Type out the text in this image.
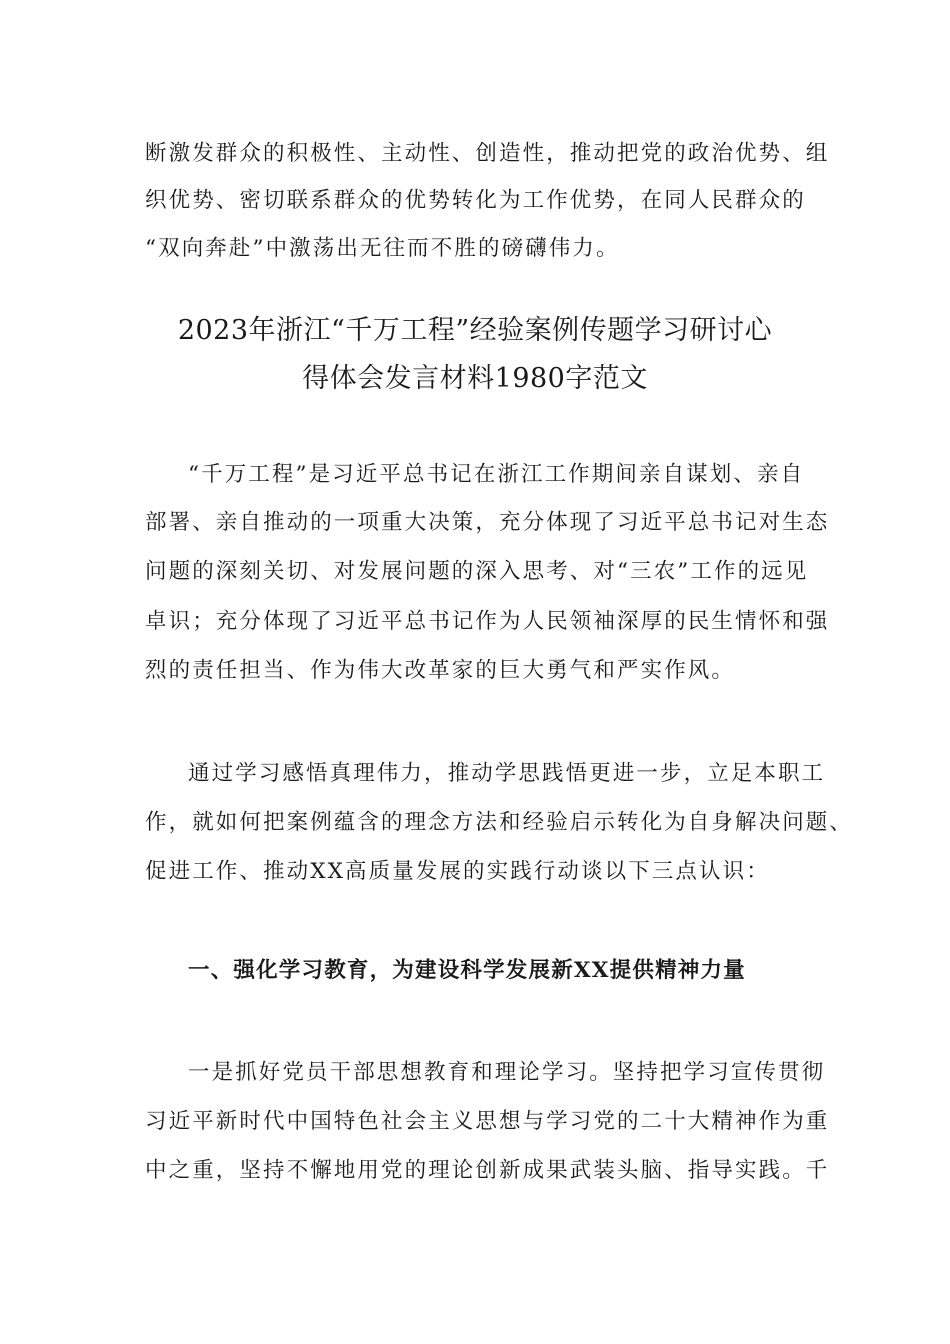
断激发群众的积极性、主动性、创造性，推动把党的政治优势、组
织优势、密切联系群众的优势转化为工作优势，在同人民群众的
“双向奔赴”中激荡出无往而不胜的磅礴伟力。
2023年浙江“千万工程”经验案例传题学习研讨心
得体会发言材料1980字范文
“千万工程”是习近平总书记在浙江工作期间亲自谋划、亲自
部署、亲自推动的一项重大决策，充分体现了习近平总书记对生态
问题的深刻关切、对发展问题的深入思考、对“三农”工作的远见
卓识；充分体现了习近平总书记作为人民领袖深厚的民生情怀和强
烈的责任担当、作为伟大改革家的巨大勇气和严实作风。
通过学习感悟真理伟力，推动学思践悟更进一步，立足本职工
作，就如何把案例蕴含的理念方法和经验启示转化为自身解决问题、
促进工作、推动XX高质量发展的实践行动谈以下三点认识：
一、强化学习教育，为建设科学发展新XX提供精神力量
一是抓好党员干部思想教育和理论学习。坚持把学习宣传贯彻
习近平新时代中国特色社会主义思想与学习党的二十大精神作为重
中之重，坚持不懈地用党的理论创新成果武装头脑、指导实践。千
